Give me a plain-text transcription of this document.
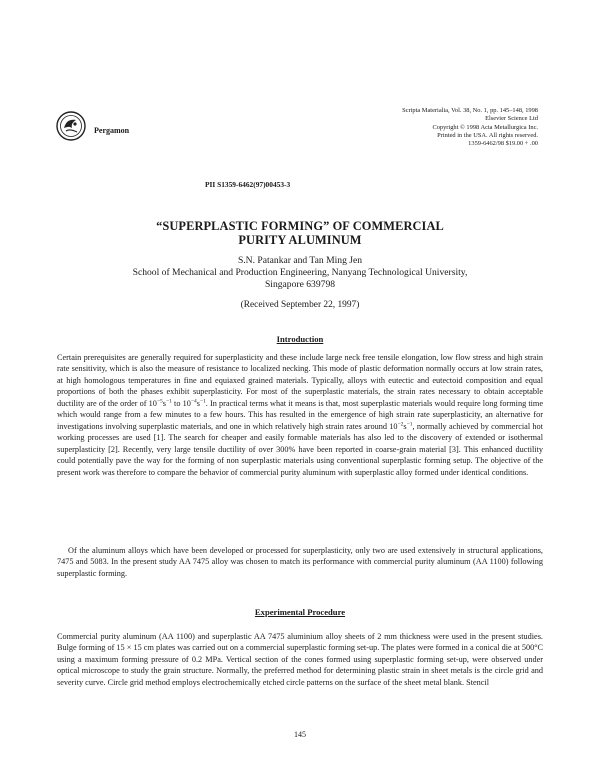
Pergamon
Scripta Materialia, Vol. 38, No. 1, pp. 145–148, 1998
Elsevier Science Ltd
Copyright © 1998 Acta Metallurgica Inc.
Printed in the USA. All rights reserved.
1359-6462/98 $19.00 + .00
PII S1359-6462(97)00453-3
“SUPERPLASTIC FORMING” OF COMMERCIAL
PURITY ALUMINUM
S.N. Patankar and Tan Ming Jen
School of Mechanical and Production Engineering, Nanyang Technological University,
Singapore 639798
(Received September 22, 1997)
Introduction

Certain prerequisites are generally required for superplasticity and these include large neck free tensile elongation, low flow stress and high strain rate sensitivity, which is also the measure of resistance to localized necking. This mode of plastic deformation normally occurs at low strain rates, at high homologous temperatures in fine and equiaxed grained materials. Typically, alloys with eutectic and eutectoid composition and equal proportions of both the phases exhibit superplasticity. For most of the superplastic materials, the strain rates necessary to obtain acceptable ductility are of the order of $10^{-5}s^{-1}$ to $10^{-4}s^{-1}$. In practical terms what it means is that, most superplastic materials would require long forming time which would range from a few minutes to a few hours. This has resulted in the emergence of high strain rate superplasticity, an alternative for investigations involving superplastic materials, and one in which relatively high strain rates around $10^{-2}s^{-1}$, normally achieved by commercial hot working processes are used [1]. The search for cheaper and easily formable materials has also led to the discovery of extended or isothermal superplasticity [2]. Recently, very large tensile ductility of over 300% have been reported in coarse-grain material [3]. This enhanced ductility could potentially pave the way for the forming of non superplastic materials using conventional superplastic forming setup. The objective of the present work was therefore to compare the behavior of commercial purity aluminum with superplastic alloy formed under identical conditions.

Of the aluminum alloys which have been developed or processed for superplasticity, only two are used extensively in structural applications, 7475 and 5083. In the present study AA 7475 alloy was chosen to match its performance with commercial purity aluminum (AA 1100) following superplastic forming.

Experimental Procedure

Commercial purity aluminum (AA 1100) and superplastic AA 7475 aluminium alloy sheets of 2 mm thickness were used in the present studies. Bulge forming of 15 × 15 cm plates was carried out on a commercial superplastic forming set-up. The plates were formed in a conical die at 500°C using a maximum forming pressure of 0.2 MPa. Vertical section of the cones formed using superplastic forming set-up, were observed under optical microscope to study the grain structure. Normally, the preferred method for determining plastic strain in sheet metals is the circle grid and severity curve. Circle grid method employs electrochemically etched circle patterns on the surface of the sheet metal blank. Stencil

145
